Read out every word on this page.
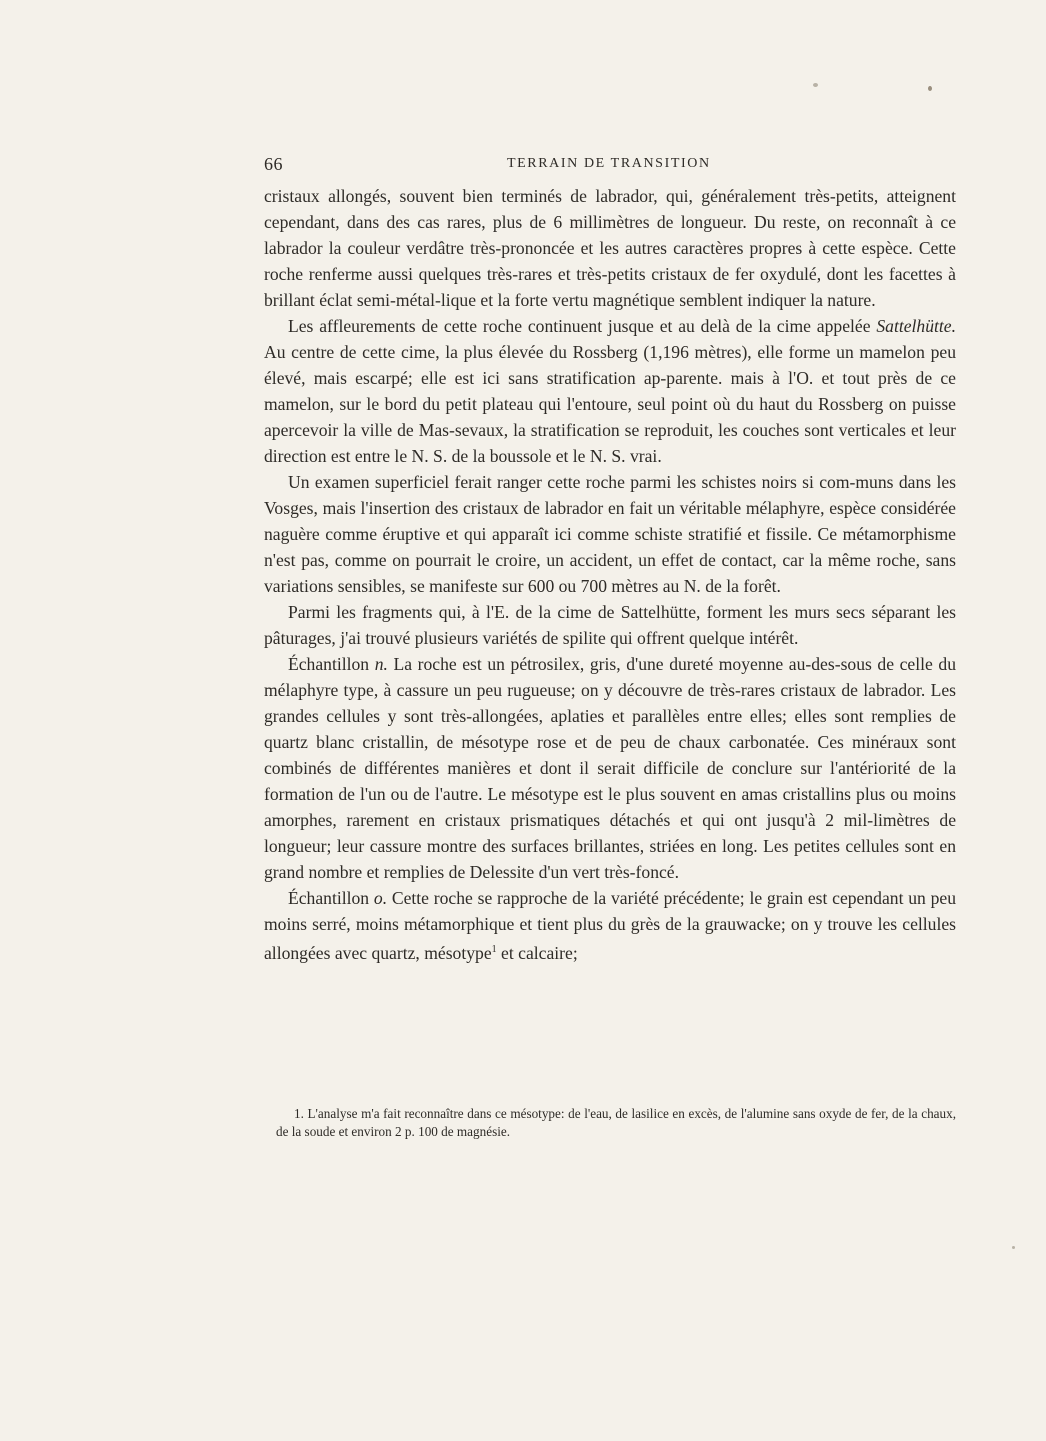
66	TERRAIN DE TRANSITION

cristaux allongés, souvent bien terminés de labrador, qui, généralement très-petits, atteignent cependant, dans des cas rares, plus de 6 millimètres de longueur. Du reste, on reconnaît à ce labrador la couleur verdâtre très-prononcée et les autres caractères propres à cette espèce. Cette roche renferme aussi quelques très-rares et très-petits cristaux de fer oxydulé, dont les facettes à brillant éclat semi-métal-lique et la forte vertu magnétique semblent indiquer la nature.

Les affleurements de cette roche continuent jusque et au delà de la cime appelée Sattelhütte. Au centre de cette cime, la plus élevée du Rossberg (1,196 mètres), elle forme un mamelon peu élevé, mais escarpé; elle est ici sans stratification ap-parente. mais à l'O. et tout près de ce mamelon, sur le bord du petit plateau qui l'entoure, seul point où du haut du Rossberg on puisse apercevoir la ville de Mas-sevaux, la stratification se reproduit, les couches sont verticales et leur direction est entre le N. S. de la boussole et le N. S. vrai.

Un examen superficiel ferait ranger cette roche parmi les schistes noirs si com-muns dans les Vosges, mais l'insertion des cristaux de labrador en fait un véritable mélaphyre, espèce considérée naguère comme éruptive et qui apparaît ici comme schiste stratifié et fissile. Ce métamorphisme n'est pas, comme on pourrait le croire, un accident, un effet de contact, car la même roche, sans variations sensibles, se manifeste sur 600 ou 700 mètres au N. de la forêt.

Parmi les fragments qui, à l'E. de la cime de Sattelhütte, forment les murs secs séparant les pâturages, j'ai trouvé plusieurs variétés de spilite qui offrent quelque intérêt.

Échantillon n. La roche est un pétrosilex, gris, d'une dureté moyenne au-des-sous de celle du mélaphyre type, à cassure un peu rugueuse; on y découvre de très-rares cristaux de labrador. Les grandes cellules y sont très-allongées, aplaties et parallèles entre elles; elles sont remplies de quartz blanc cristallin, de mésotype rose et de peu de chaux carbonatée. Ces minéraux sont combinés de différentes manières et dont il serait difficile de conclure sur l'antériorité de la formation de l'un ou de l'autre. Le mésotype est le plus souvent en amas cristallins plus ou moins amorphes, rarement en cristaux prismatiques détachés et qui ont jusqu'à 2 mil-limètres de longueur; leur cassure montre des surfaces brillantes, striées en long. Les petites cellules sont en grand nombre et remplies de Delessite d'un vert très-foncé.

Échantillon o. Cette roche se rapproche de la variété précédente; le grain est cependant un peu moins serré, moins métamorphique et tient plus du grès de la grauwacke; on y trouve les cellules allongées avec quartz, mésotype$^1$ et calcaire;

1. L'analyse m'a fait reconnaître dans ce mésotype: de l'eau, de lasilice en excès, de l'alumine sans oxyde de fer, de la chaux, de la soude et environ 2 p. 100 de magnésie.
